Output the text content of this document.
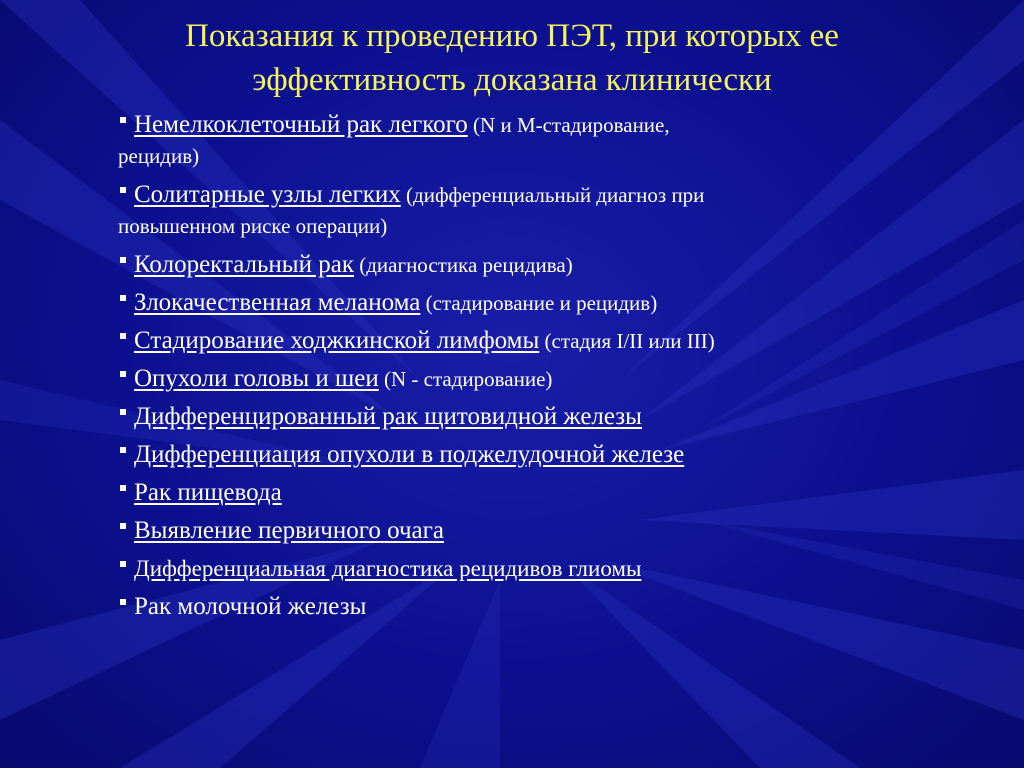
Показания к проведению ПЭТ, при которых ее
эффективность доказана клинически
Немелкоклеточный рак легкого (N и M-стадирование,
рецидив)
Солитарные узлы легких (дифференциальный диагноз при
повышенном риске операции)
Колоректальный рак (диагностика рецидива)
Злокачественная меланома (стадирование и рецидив)
Стадирование ходжкинской лимфомы (стадия I/II или III)
Опухоли головы и шеи (N - стадирование)
Дифференцированный рак щитовидной железы
Дифференциация опухоли в поджелудочной железе
Рак пищевода
Выявление первичного очага
Дифференциальная диагностика рецидивов глиомы
Рак молочной железы
